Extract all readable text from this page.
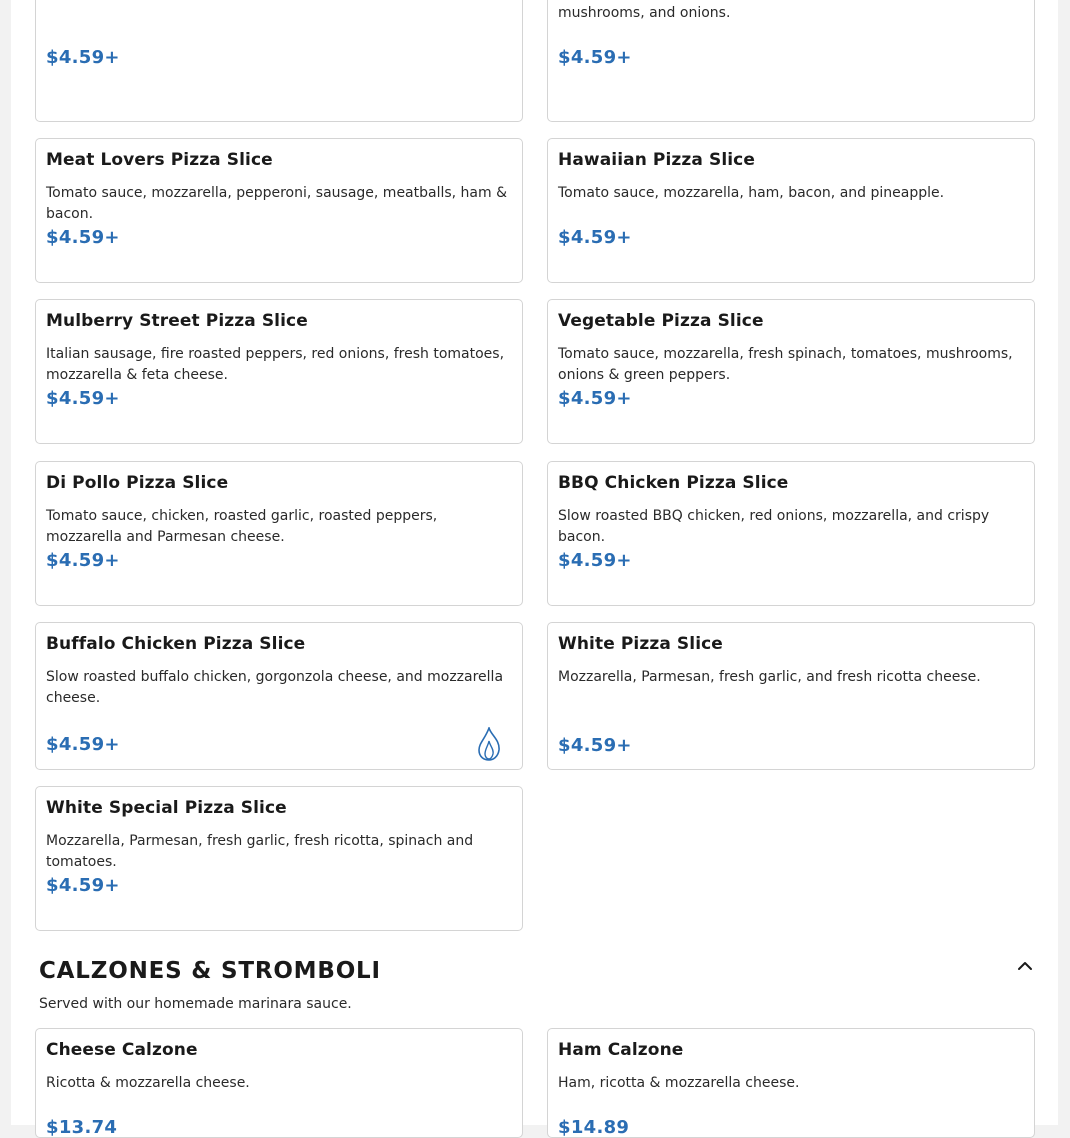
$4.59+
mushrooms, and onions.
$4.59+
Meat Lovers Pizza Slice
Tomato sauce, mozzarella, pepperoni, sausage, meatballs, ham & bacon.
$4.59+
Hawaiian Pizza Slice
Tomato sauce, mozzarella, ham, bacon, and pineapple.
$4.59+
Mulberry Street Pizza Slice
Italian sausage, fire roasted peppers, red onions, fresh tomatoes, mozzarella & feta cheese.
$4.59+
Vegetable Pizza Slice
Tomato sauce, mozzarella, fresh spinach, tomatoes, mushrooms, onions & green peppers.
$4.59+
Di Pollo Pizza Slice
Tomato sauce, chicken, roasted garlic, roasted peppers, mozzarella and Parmesan cheese.
$4.59+
BBQ Chicken Pizza Slice
Slow roasted BBQ chicken, red onions, mozzarella, and crispy bacon.
$4.59+
Buffalo Chicken Pizza Slice
Slow roasted buffalo chicken, gorgonzola cheese, and mozzarella cheese.
$4.59+
White Pizza Slice
Mozzarella, Parmesan, fresh garlic, and fresh ricotta cheese.
$4.59+
White Special Pizza Slice
Mozzarella, Parmesan, fresh garlic, fresh ricotta, spinach and tomatoes.
$4.59+
CALZONES & STROMBOLI
Served with our homemade marinara sauce.
Cheese Calzone
Ricotta & mozzarella cheese.
$13.74
Ham Calzone
Ham, ricotta & mozzarella cheese.
$14.89
